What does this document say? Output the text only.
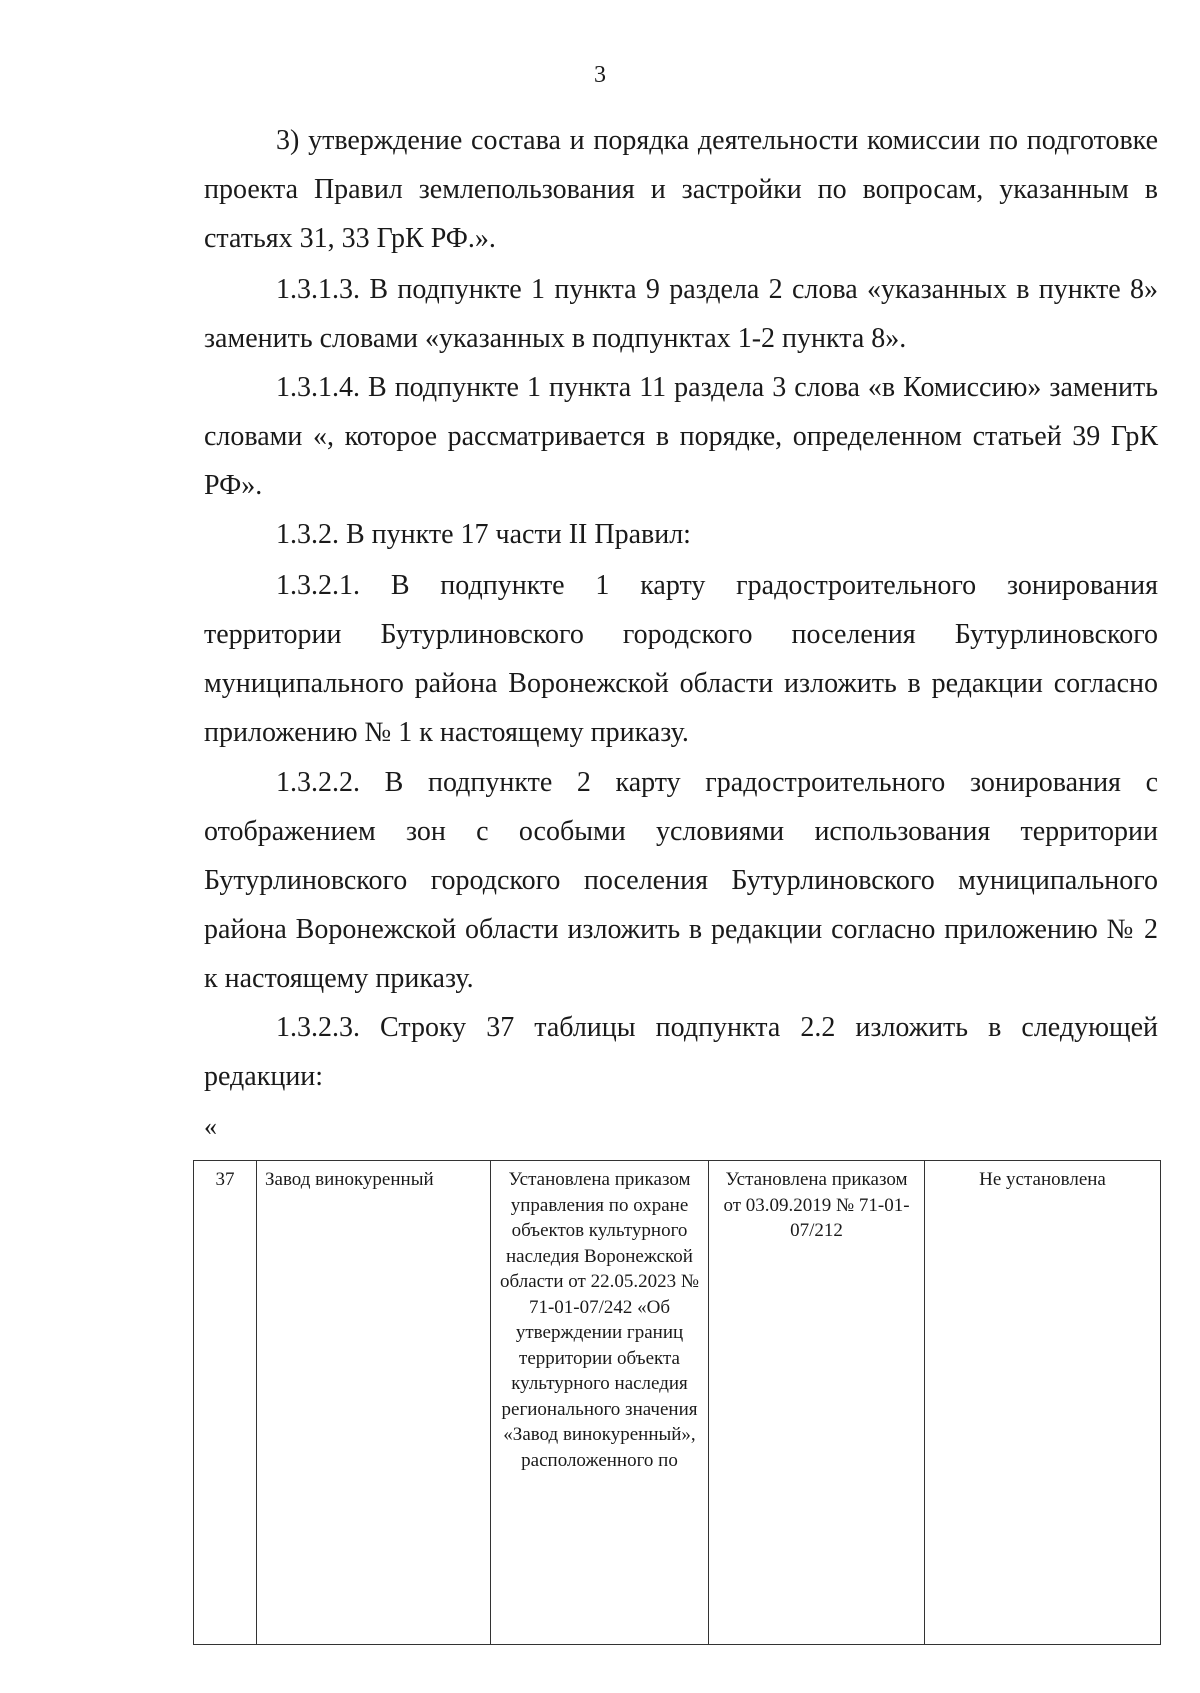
3

3) утверждение состава и порядка деятельности комиссии по подготовке проекта Правил землепользования и застройки по вопросам, указанным в статьях 31, 33 ГрК РФ.».

1.3.1.3. В подпункте 1 пункта 9 раздела 2 слова «указанных в пункте 8» заменить словами «указанных в подпунктах 1-2 пункта 8».

1.3.1.4. В подпункте 1 пункта 11 раздела 3 слова «в Комиссию» заменить словами «, которое рассматривается в порядке, определенном статьей 39 ГрК РФ».

1.3.2. В пункте 17 части II Правил:

1.3.2.1. В подпункте 1 карту градостроительного зонирования территории Бутурлиновского городского поселения Бутурлиновского муниципального района Воронежской области изложить в редакции согласно приложению № 1 к настоящему приказу.

1.3.2.2. В подпункте 2 карту градостроительного зонирования с отображением зон с особыми условиями использования территории Бутурлиновского городского поселения Бутурлиновского муниципального района Воронежской области изложить в редакции согласно приложению № 2 к настоящему приказу.

1.3.2.3. Строку 37 таблицы подпункта 2.2 изложить в следующей редакции:

«
37	Завод винокуренный	Установлена приказом управления по охране объектов культурного наследия Воронежской области от 22.05.2023 № 71-01-07/242 «Об утверждении границ территории объекта культурного наследия регионального значения «Завод винокуренный», расположенного по	Установлена приказом от 03.09.2019 № 71-01-07/212	Не установлена
